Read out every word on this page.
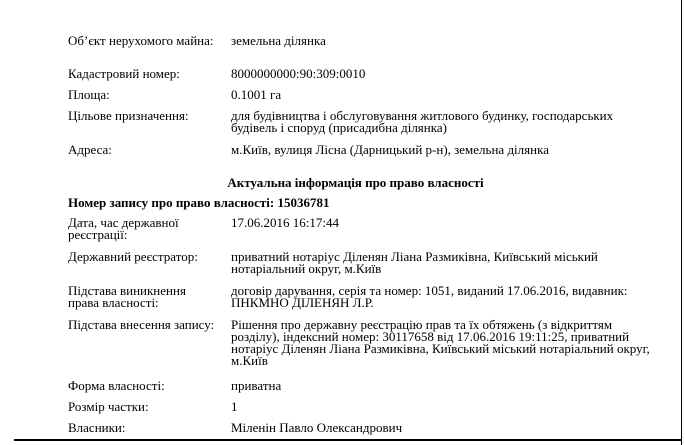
Об’єкт нерухомого майна:	земельна ділянка
Кадастровий номер:	8000000000:90:309:0010
Площа:	0.1001 га
Цільове призначення:	для будівництва і обслуговування житлового будинку, господарських будівель і споруд (присадибна ділянка)
Адреса:	м.Київ, вулиця Лісна (Дарницький р-н), земельна ділянка
Актуальна інформація про право власності
Номер запису про право власності: 15036781
Дата, час державної реєстрації:
17.06.2016 16:17:44
Державний реєстратор:	приватний нотаріус Діленян Ліана Размиківна, Київський міський нотаріальний округ, м.Київ
Підстава виникнення права власності:
договір дарування, серія та номер: 1051, виданий 17.06.2016, видавник: ПНКМНО ДІЛЕНЯН Л.Р.
Підстава внесення запису: Рішення про державну реєстрацію прав та їх обтяжень (з відкриттям розділу), індексний номер: 30117658 від 17.06.2016 19:11:25, приватний нотаріус Діленян Ліана Размиківна, Київський міський нотаріальний округ, м.Київ
Форма власності:	приватна
Розмір частки:	1
Власники:	Міленін Павло Олександрович
